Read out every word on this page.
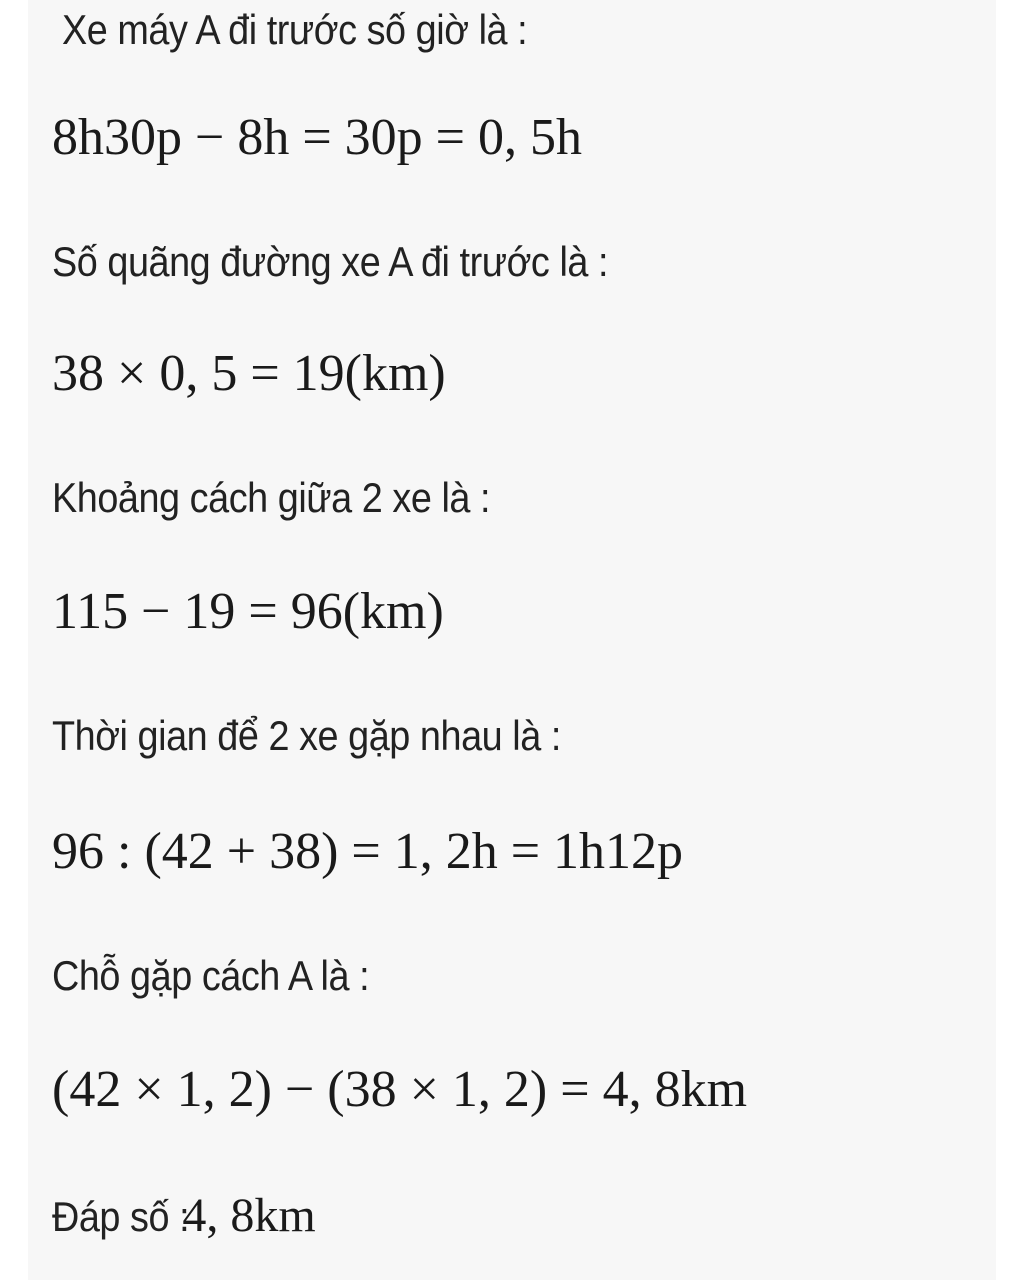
Xe máy A đi trước số giờ là :
8h30p − 8h = 30p = 0, 5h
Số quãng đường xe A đi trước là :
38 × 0, 5 = 19(km)
Khoảng cách giữa 2 xe là :
115 − 19 = 96(km)
Thời gian để 2 xe gặp nhau là :
96 : (42 + 38) = 1, 2h = 1h12p
Chỗ gặp cách A là :
(42 × 1, 2) − (38 × 1, 2) = 4, 8km
Đáp số : 4, 8km
